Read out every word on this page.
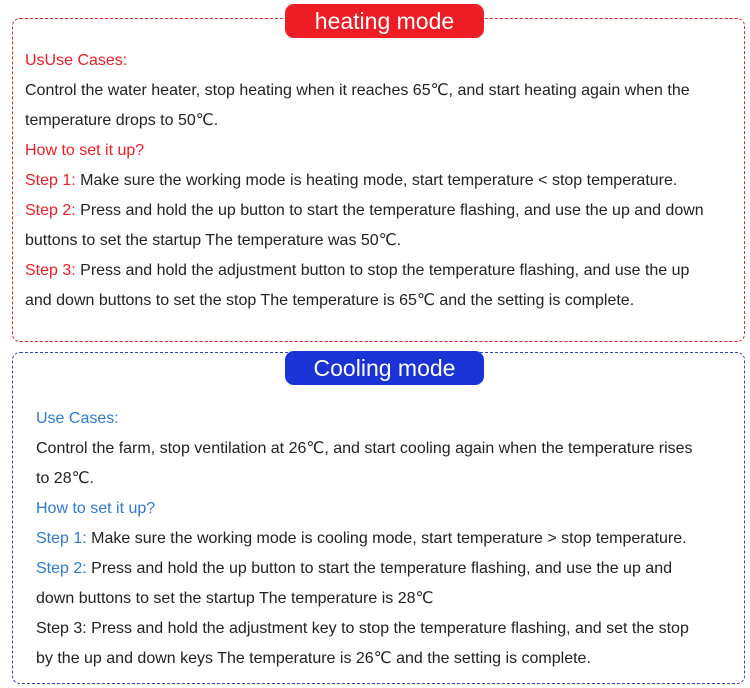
heating mode
UsUse Cases:
Control the water heater, stop heating when it reaches 65℃, and start heating again when the
temperature drops to 50℃.
How to set it up?
Step 1: Make sure the working mode is heating mode, start temperature < stop temperature.
Step 2: Press and hold the up button to start the temperature flashing, and use the up and down
buttons to set the startup The temperature was 50℃.
Step 3: Press and hold the adjustment button to stop the temperature flashing, and use the up
and down buttons to set the stop The temperature is 65℃ and the setting is complete.
Cooling mode
Use Cases:
Control the farm, stop ventilation at 26℃, and start cooling again when the temperature rises
to 28℃.
How to set it up?
Step 1: Make sure the working mode is cooling mode, start temperature > stop temperature.
Step 2: Press and hold the up button to start the temperature flashing, and use the up and
down buttons to set the startup The temperature is 28℃
Step 3: Press and hold the adjustment key to stop the temperature flashing, and set the stop
by the up and down keys The temperature is 26℃ and the setting is complete.
